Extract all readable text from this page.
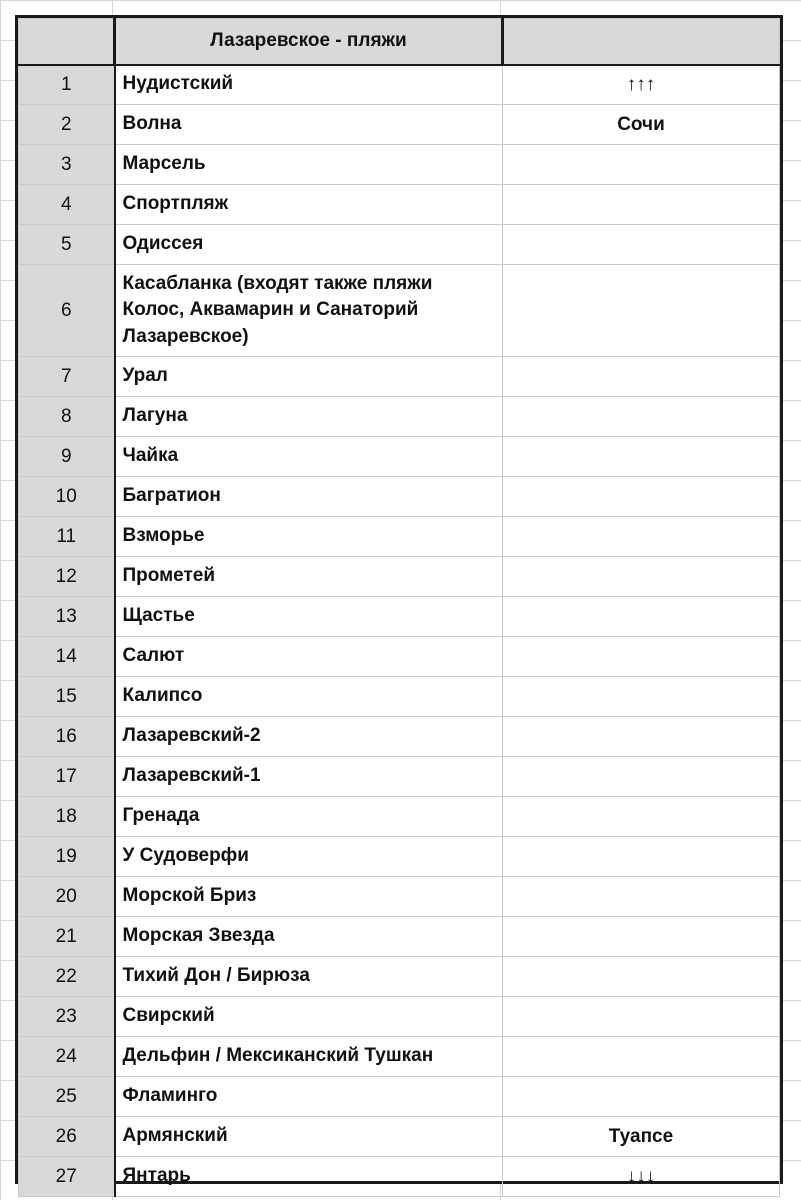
	Лазаревское - пляжи	
1	Нудистский	↑↑↑
2	Волна	Сочи
3	Марсель	
4	Спортпляж	
5	Одиссея	
6	Касабланка (входят также пляжи Колос, Аквамарин и Санаторий Лазаревское)	
7	Урал	
8	Лагуна	
9	Чайка	
10	Багратион	
11	Взморье	
12	Прометей	
13	Щастье	
14	Салют	
15	Калипсо	
16	Лазаревский-2	
17	Лазаревский-1	
18	Гренада	
19	У Судоверфи	
20	Морской Бриз	
21	Морская Звезда	
22	Тихий Дон / Бирюза	
23	Свирский	
24	Дельфин / Мексиканский Тушкан	
25	Фламинго	
26	Армянский	Туапсе
27	Янтарь	↓↓↓
